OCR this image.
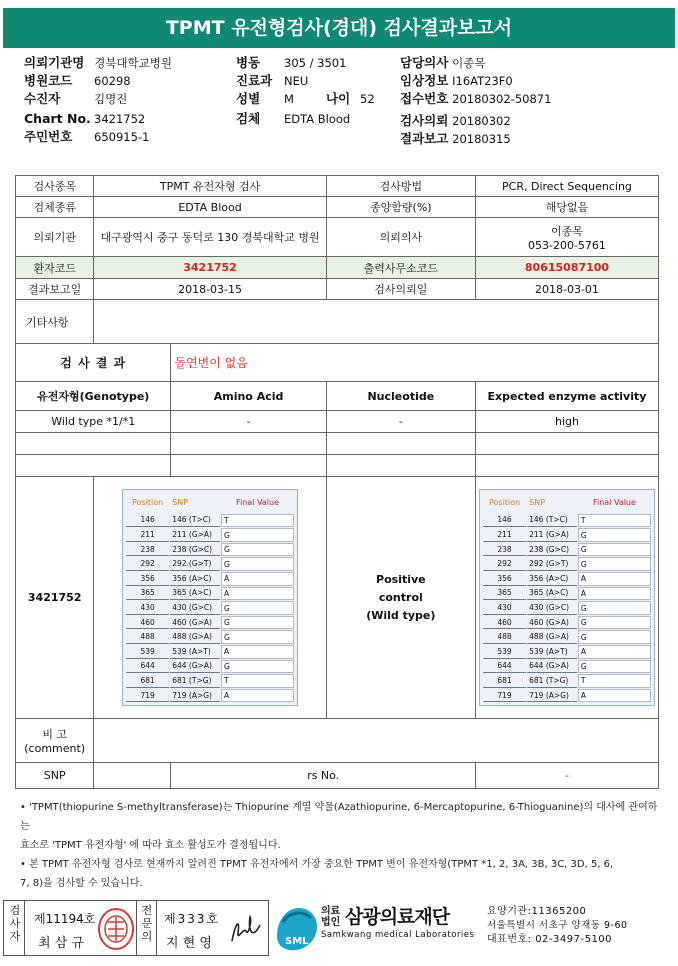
TPMT 유전형검사(경대) 검사결과보고서
의뢰기관명 경북대학교병원
병원코드 60298
수진자	김명진
Chart No. 3421752
주민번호 650915-1
병동 305 / 3501
진료과 NEU
성별 M	나이 52
검체 EDTA Blood
담당의사 이종목
임상정보 I16AT23F0
접수번호 20180302-50871
검사의뢰 20180302
결과보고 20180315
검사종목	TPMT 유전자형 검사	검사방법	PCR, Direct Sequencing
검체종류	EDTA Blood	종양함량(%)	해당없음
의뢰기관	대구광역시 중구 동덕로 130 경북대학교 병원	의뢰의사	이종목
053-200-5761

환자코드	3421752	출력사무소코드	80615087100
결과보고일	2018-03-15	검사의뢰일	2018-03-01
기타사항	
검 사 결 과	돌연변이 없음
유전자형(Genotype)	Amino Acid	Nucleotide	Expected enzyme activity
Wild type *1/*1	-	-	high

3421752	
Position	SNP	Final Value
146	146 (T>C)	T
211	211 (G>A)	G
238	238 (G>C)	G
292	292 (G>T)	G
356	356 (A>C)	A
365	365 (A>C)	A
430	430 (G>C)	G
460	460 (G>A)	G
488	488 (G>A)	G
539	539 (A>T)	A
644	644 (G>A)	G
681	681 (T>G)	T
719	719 (A>G)	A

Positive
control
(Wild type)

Position	SNP	Final Value
146	146 (T>C)	T
211	211 (G>A)	G
238	238 (G>C)	G
292	292 (G>T)	G
356	356 (A>C)	A
365	365 (A>C)	A
430	430 (G>C)	G
460	460 (G>A)	G
488	488 (G>A)	G
539	539 (A>T)	A
644	644 (G>A)	G
681	681 (T>G)	T
719	719 (A>G)	A

비 고
(comment)

SNP		rs No.	-
• 'TPMT(thiopurine S-methyltransferase)는 Thiopurine 계열 약물(Azathiopurine, 6-Mercaptopurine, 6-Thioguanine)의 대사에 관여하는
효소로 'TPMT 유전자형' 에 따라 효소 활성도가 결정됩니다.
• 본 TPMT 유전자형 검사로 현재까지 알려진 TPMT 유전자에서 가장 중요한 TPMT 변이 유전자형(TPMT *1, 2, 3A, 3B, 3C, 3D, 5, 6,
7, 8)을 검사할 수 있습니다.
검사자
제11194호
최 삼 규
전문의
제333호
지 현 영	SML
의료
법인 삼광의료재단
Samkwang medical Laboratories
요양기관:11365200
서울특별시 서초구 양재동 9-60
대표번호: 02-3497-5100
